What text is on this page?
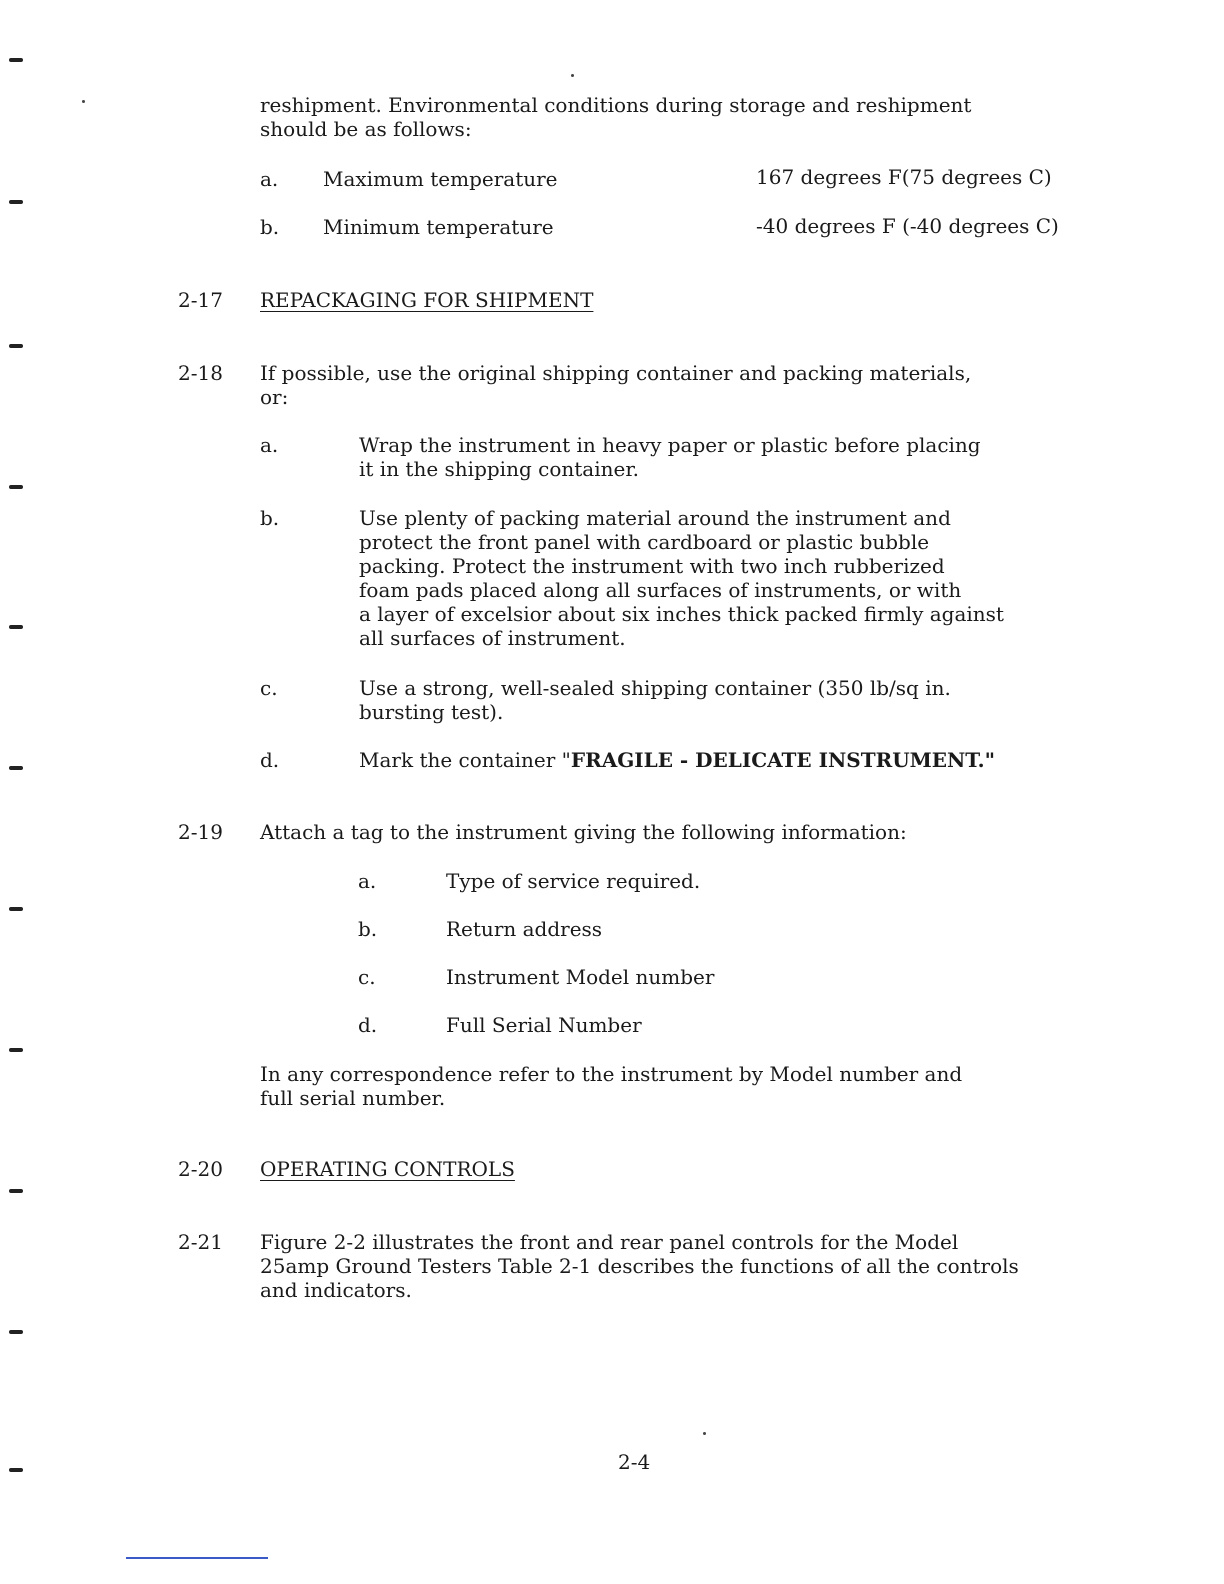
reshipment. Environmental conditions during storage and reshipment
should be as follows:
a. Maximum temperature	167 degrees F(75 degrees C)
b. Minimum temperature	-40 degrees F (-40 degrees C)
2-17 REPACKAGING FOR SHIPMENT
2-18 If possible, use the original shipping container and packing materials,
or:
a.	Wrap the instrument in heavy paper or plastic before placing
it in the shipping container.
b.	Use plenty of packing material around the instrument and
protect the front panel with cardboard or plastic bubble
packing. Protect the instrument with two inch rubberized
foam pads placed along all surfaces of instruments, or with
a layer of excelsior about six inches thick packed firmly against
all surfaces of instrument.
c.	Use a strong, well-sealed shipping container (350 lb/sq in.
bursting test).
d.	Mark the container "FRAGILE - DELICATE INSTRUMENT."
2-19 Attach a tag to the instrument giving the following information:
a.	Type of service required.
b.	Return address
c.	Instrument Model number
d.	Full Serial Number
In any correspondence refer to the instrument by Model number and
full serial number.
2-20 OPERATING CONTROLS
2-21 Figure 2-2 illustrates the front and rear panel controls for the Model
25amp Ground Testers Table 2-1 describes the functions of all the controls
and indicators.
2-4
